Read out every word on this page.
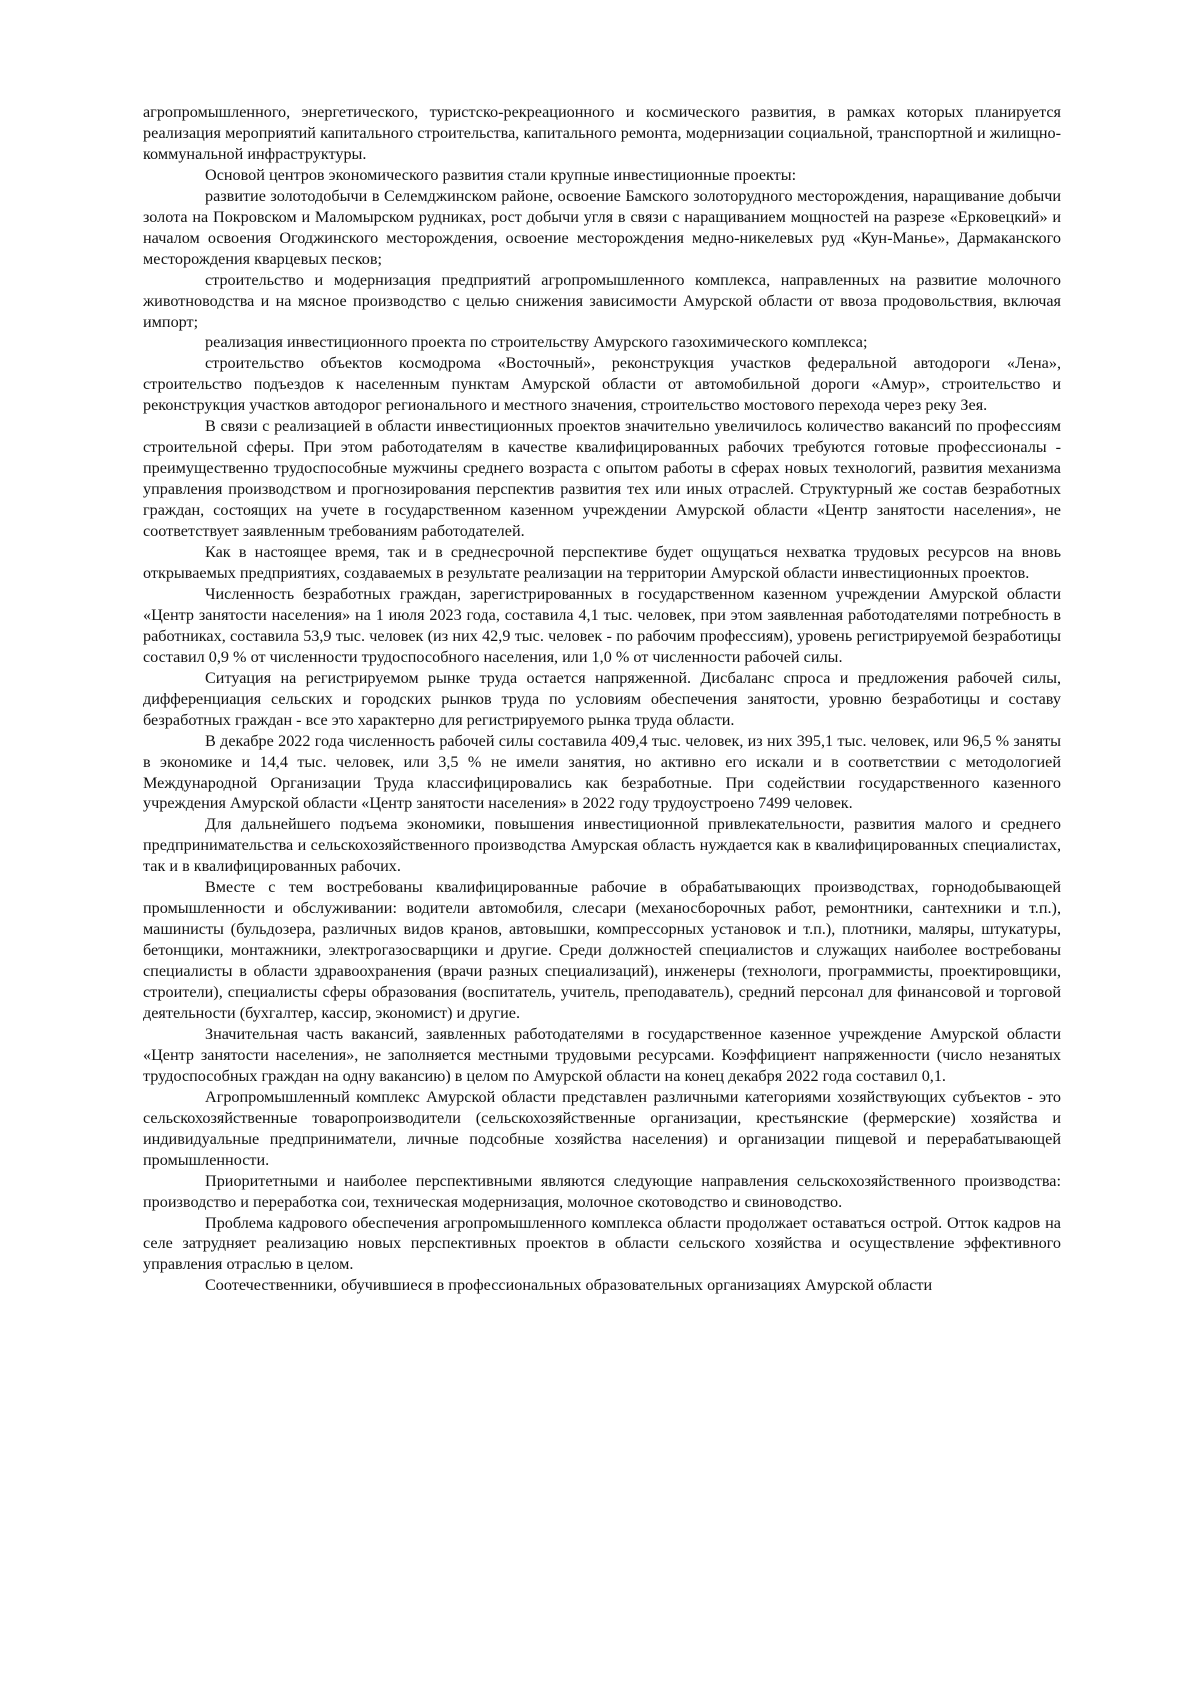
агропромышленного, энергетического, туристско-рекреационного и космического развития, в рамках которых планируется реализация мероприятий капитального строительства, капитального ремонта, модернизации социальной, транспортной и жилищно-коммунальной инфраструктуры.

Основой центров экономического развития стали крупные инвестиционные проекты:

развитие золотодобычи в Селемджинском районе, освоение Бамского золоторудного месторождения, наращивание добычи золота на Покровском и Маломырском рудниках, рост добычи угля в связи с наращиванием мощностей на разрезе «Ерковецкий» и началом освоения Огоджинского месторождения, освоение месторождения медно-никелевых руд «Кун-Манье», Дармаканского месторождения кварцевых песков;

строительство и модернизация предприятий агропромышленного комплекса, направленных на развитие молочного животноводства и на мясное производство с целью снижения зависимости Амурской области от ввоза продовольствия, включая импорт;

реализация инвестиционного проекта по строительству Амурского газохимического комплекса;

строительство объектов космодрома «Восточный», реконструкция участков федеральной автодороги «Лена», строительство подъездов к населенным пунктам Амурской области от автомобильной дороги «Амур», строительство и реконструкция участков автодорог регионального и местного значения, строительство мостового перехода через реку Зея.

В связи с реализацией в области инвестиционных проектов значительно увеличилось количество вакансий по профессиям строительной сферы. При этом работодателям в качестве квалифицированных рабочих требуются готовые профессионалы - преимущественно трудоспособные мужчины среднего возраста с опытом работы в сферах новых технологий, развития механизма управления производством и прогнозирования перспектив развития тех или иных отраслей. Структурный же состав безработных граждан, состоящих на учете в государственном казенном учреждении Амурской области «Центр занятости населения», не соответствует заявленным требованиям работодателей.

Как в настоящее время, так и в среднесрочной перспективе будет ощущаться нехватка трудовых ресурсов на вновь открываемых предприятиях, создаваемых в результате реализации на территории Амурской области инвестиционных проектов.

Численность безработных граждан, зарегистрированных в государственном казенном учреждении Амурской области «Центр занятости населения» на 1 июля 2023 года, составила 4,1 тыс. человек, при этом заявленная работодателями потребность в работниках, составила 53,9 тыс. человек (из них 42,9 тыс. человек - по рабочим профессиям), уровень регистрируемой безработицы составил 0,9 % от численности трудоспособного населения, или 1,0 % от численности рабочей силы.

Ситуация на регистрируемом рынке труда остается напряженной. Дисбаланс спроса и предложения рабочей силы, дифференциация сельских и городских рынков труда по условиям обеспечения занятости, уровню безработицы и составу безработных граждан - все это характерно для регистрируемого рынка труда области.

В декабре 2022 года численность рабочей силы составила 409,4 тыс. человек, из них 395,1 тыс. человек, или 96,5 % заняты в экономике и 14,4 тыс. человек, или 3,5 % не имели занятия, но активно его искали и в соответствии с методологией Международной Организации Труда классифицировались как безработные. При содействии государственного казенного учреждения Амурской области «Центр занятости населения» в 2022 году трудоустроено 7499 человек.

Для дальнейшего подъема экономики, повышения инвестиционной привлекательности, развития малого и среднего предпринимательства и сельскохозяйственного производства Амурская область нуждается как в квалифицированных специалистах, так и в квалифицированных рабочих.

Вместе с тем востребованы квалифицированные рабочие в обрабатывающих производствах, горнодобывающей промышленности и обслуживании: водители автомобиля, слесари (механосборочных работ, ремонтники, сантехники и т.п.), машинисты (бульдозера, различных видов кранов, автовышки, компрессорных установок и т.п.), плотники, маляры, штукатуры, бетонщики, монтажники, электрогазосварщики и другие. Среди должностей специалистов и служащих наиболее востребованы специалисты в области здравоохранения (врачи разных специализаций), инженеры (технологи, программисты, проектировщики, строители), специалисты сферы образования (воспитатель, учитель, преподаватель), средний персонал для финансовой и торговой деятельности (бухгалтер, кассир, экономист) и другие.

Значительная часть вакансий, заявленных работодателями в государственное казенное учреждение Амурской области «Центр занятости населения», не заполняется местными трудовыми ресурсами. Коэффициент напряженности (число незанятых трудоспособных граждан на одну вакансию) в целом по Амурской области на конец декабря 2022 года составил 0,1.

Агропромышленный комплекс Амурской области представлен различными категориями хозяйствующих субъектов - это сельскохозяйственные товаропроизводители (сельскохозяйственные организации, крестьянские (фермерские) хозяйства и индивидуальные предприниматели, личные подсобные хозяйства населения) и организации пищевой и перерабатывающей промышленности.

Приоритетными и наиболее перспективными являются следующие направления сельскохозяйственного производства: производство и переработка сои, техническая модернизация, молочное скотоводство и свиноводство.

Проблема кадрового обеспечения агропромышленного комплекса области продолжает оставаться острой. Отток кадров на селе затрудняет реализацию новых перспективных проектов в области сельского хозяйства и осуществление эффективного управления отраслью в целом.

Соотечественники, обучившиеся в профессиональных образовательных организациях Амурской области
